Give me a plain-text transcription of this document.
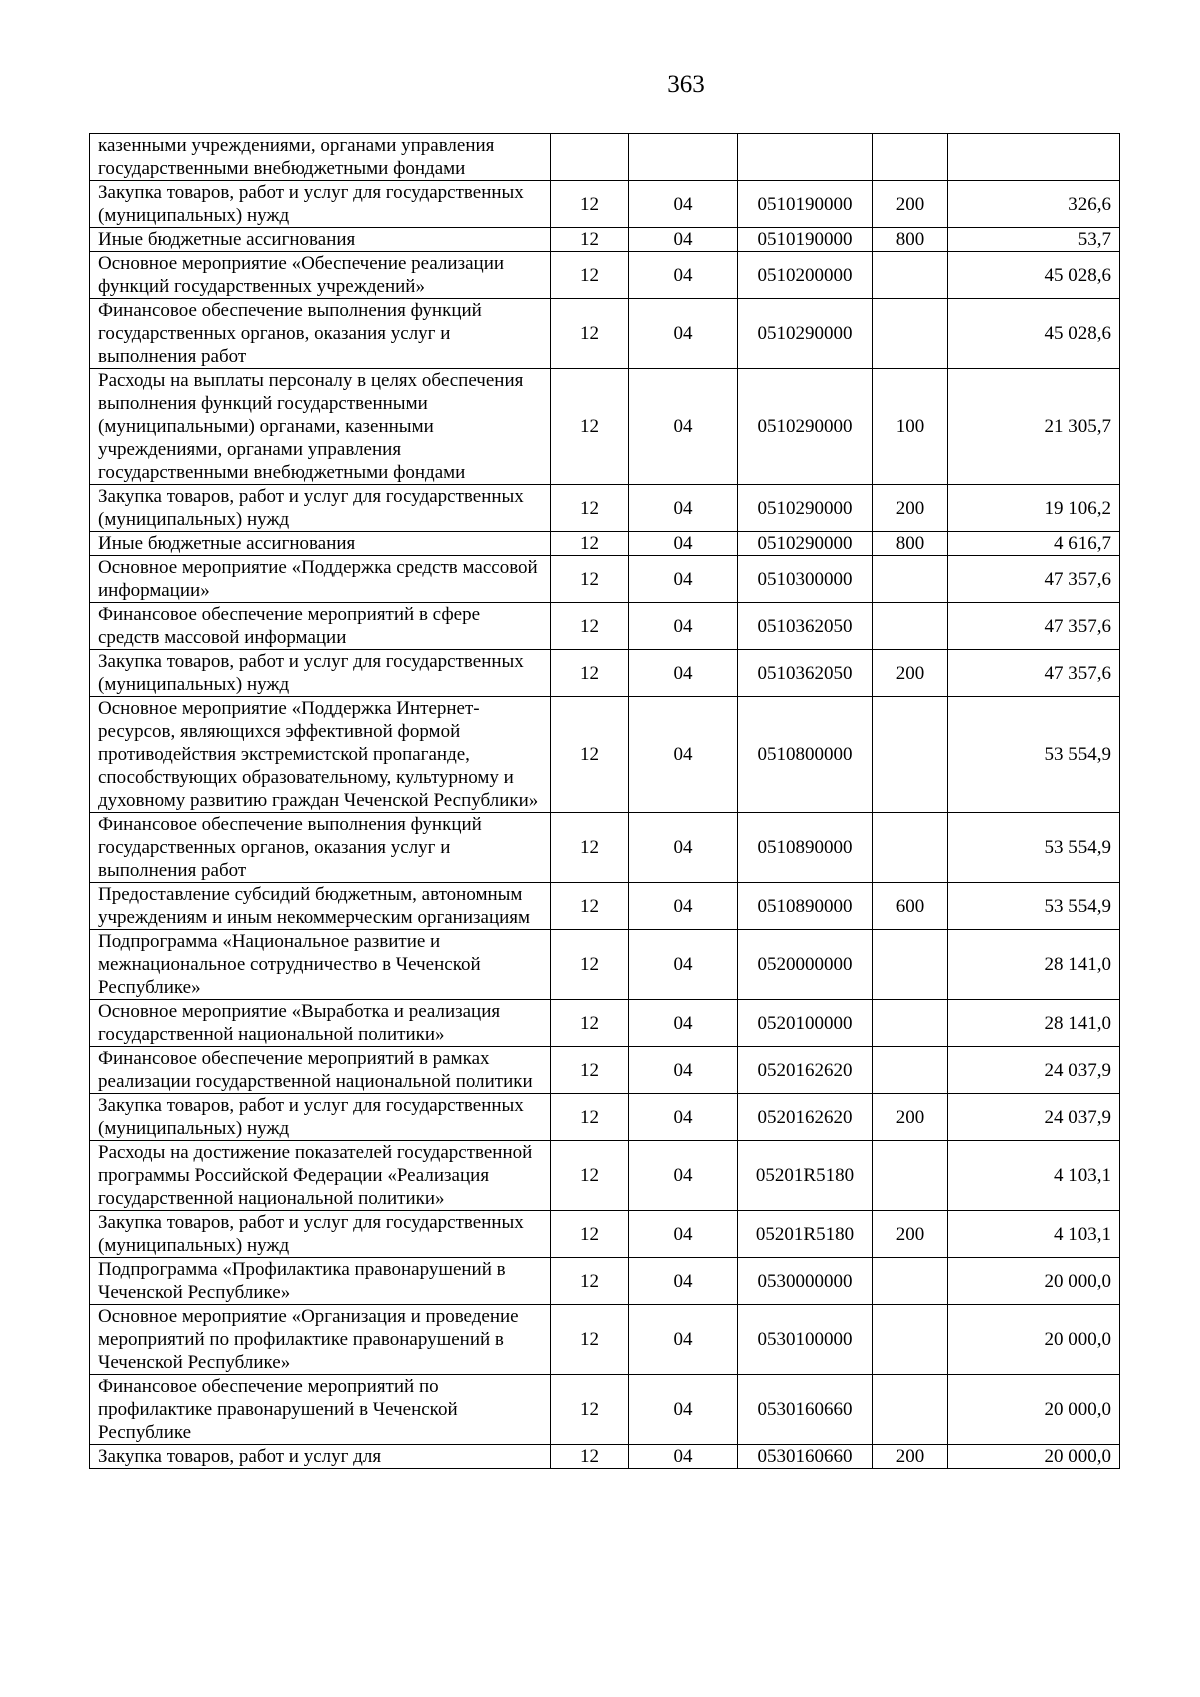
363
казенными учреждениями, органами управления государственными внебюджетными фондами					
Закупка товаров, работ и услуг для государственных (муниципальных) нужд	12	04	0510190000	200	326,6
Иные бюджетные ассигнования	12	04	0510190000	800	53,7
Основное мероприятие «Обеспечение реализации функций государственных учреждений»	12	04	0510200000		45 028,6
Финансовое обеспечение выполнения функций государственных органов, оказания услуг и выполнения работ	12	04	0510290000		45 028,6
Расходы на выплаты персоналу в целях обеспечения выполнения функций государственными (муниципальными) органами, казенными учреждениями, органами управления государственными внебюджетными фондами	12	04	0510290000	100	21 305,7
Закупка товаров, работ и услуг для государственных (муниципальных) нужд	12	04	0510290000	200	19 106,2
Иные бюджетные ассигнования	12	04	0510290000	800	4 616,7
Основное мероприятие «Поддержка средств массовой информации»	12	04	0510300000		47 357,6
Финансовое обеспечение мероприятий в сфере средств массовой информации	12	04	0510362050		47 357,6
Закупка товаров, работ и услуг для государственных (муниципальных) нужд	12	04	0510362050	200	47 357,6
Основное мероприятие «Поддержка Интернет-ресурсов, являющихся эффективной формой противодействия экстремистской пропаганде, способствующих образовательному, культурному и духовному развитию граждан Чеченской Республики»	12	04	0510800000		53 554,9
Финансовое обеспечение выполнения функций государственных органов, оказания услуг и выполнения работ	12	04	0510890000		53 554,9
Предоставление субсидий бюджетным, автономным учреждениям и иным некоммерческим организациям	12	04	0510890000	600	53 554,9
Подпрограмма «Национальное развитие и межнациональное сотрудничество в Чеченской Республике»	12	04	0520000000		28 141,0
Основное мероприятие «Выработка и реализация государственной национальной политики»	12	04	0520100000		28 141,0
Финансовое обеспечение мероприятий в рамках реализации государственной национальной политики	12	04	0520162620		24 037,9
Закупка товаров, работ и услуг для государственных (муниципальных) нужд	12	04	0520162620	200	24 037,9
Расходы на достижение показателей государственной программы Российской Федерации «Реализация государственной национальной политики»	12	04	05201R5180		4 103,1
Закупка товаров, работ и услуг для государственных (муниципальных) нужд	12	04	05201R5180	200	4 103,1
Подпрограмма «Профилактика правонарушений в Чеченской Республике»	12	04	0530000000		20 000,0
Основное мероприятие «Организация и проведение мероприятий по профилактике правонарушений в Чеченской Республике»	12	04	0530100000		20 000,0
Финансовое обеспечение мероприятий по профилактике правонарушений в Чеченской Республике	12	04	0530160660		20 000,0
Закупка товаров, работ и услуг для	12	04	0530160660	200	20 000,0
